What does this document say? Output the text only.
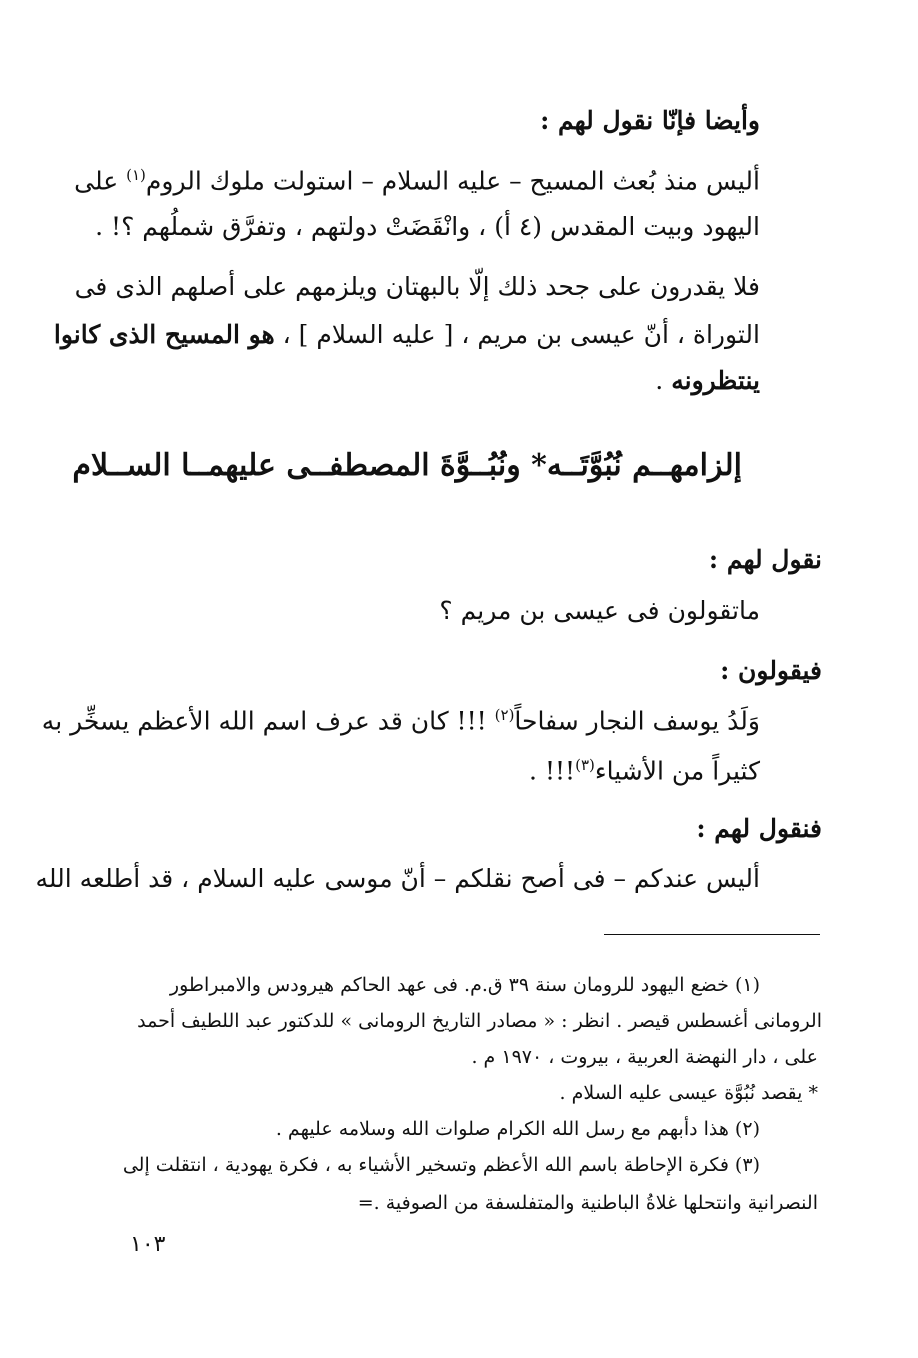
وأيضا فإنّا نقول لهم :
أليس منذ بُعث المسيح – عليه السلام – استولت ملوك الروم$^{(١)}$ على
اليهود وبيت المقدس (٤ أ) ، وانْقَضَتْ دولتهم ، وتفرَّق شملُهم ؟! .
فلا يقدرون على جحد ذلك إلّا بالبهتان ويلزمهم على أصلهم الذى فى
التوراة ، أنّ عيسى بن مريم ، [ عليه السلام ] ، هو المسيح الذى كانوا
ينتظرونه .
إلزامهــم نُبُوَّتَــه* ونُبُــوَّةَ المصطفــى عليهمــا الســلام
نقول لهم :
ماتقولون فى عيسى بن مريم ؟
فيقولون :
وَلَدُ يوسف النجار سفاحاً$^{(٢)}$ !!! كان قد عرف اسم الله الأعظم يسخِّر به
كثيراً من الأشياء$^{(٣)}$!!! .
فنقول لهم :
أليس عندكم – فى أصح نقلكم – أنّ موسى عليه السلام ، قد أطلعه الله
(١) خضع اليهود للرومان سنة ٣٩ ق.م. فى عهد الحاكم هيرودس والامبراطور
الرومانى أغسطس قيصر . انظر : « مصادر التاريخ الرومانى » للدكتور عبد اللطيف أحمد
على ، دار النهضة العربية ، بيروت ، ١٩٧٠ م .
* يقصد نُبُوَّة عيسى عليه السلام .
(٢) هذا دأبهم مع رسل الله الكرام صلوات الله وسلامه عليهم .
(٣) فكرة الإحاطة باسم الله الأعظم وتسخير الأشياء به ، فكرة يهودية ، انتقلت إلى
النصرانية وانتحلها غلاةُ الباطنية والمتفلسفة من الصوفية .=
١٠٣
